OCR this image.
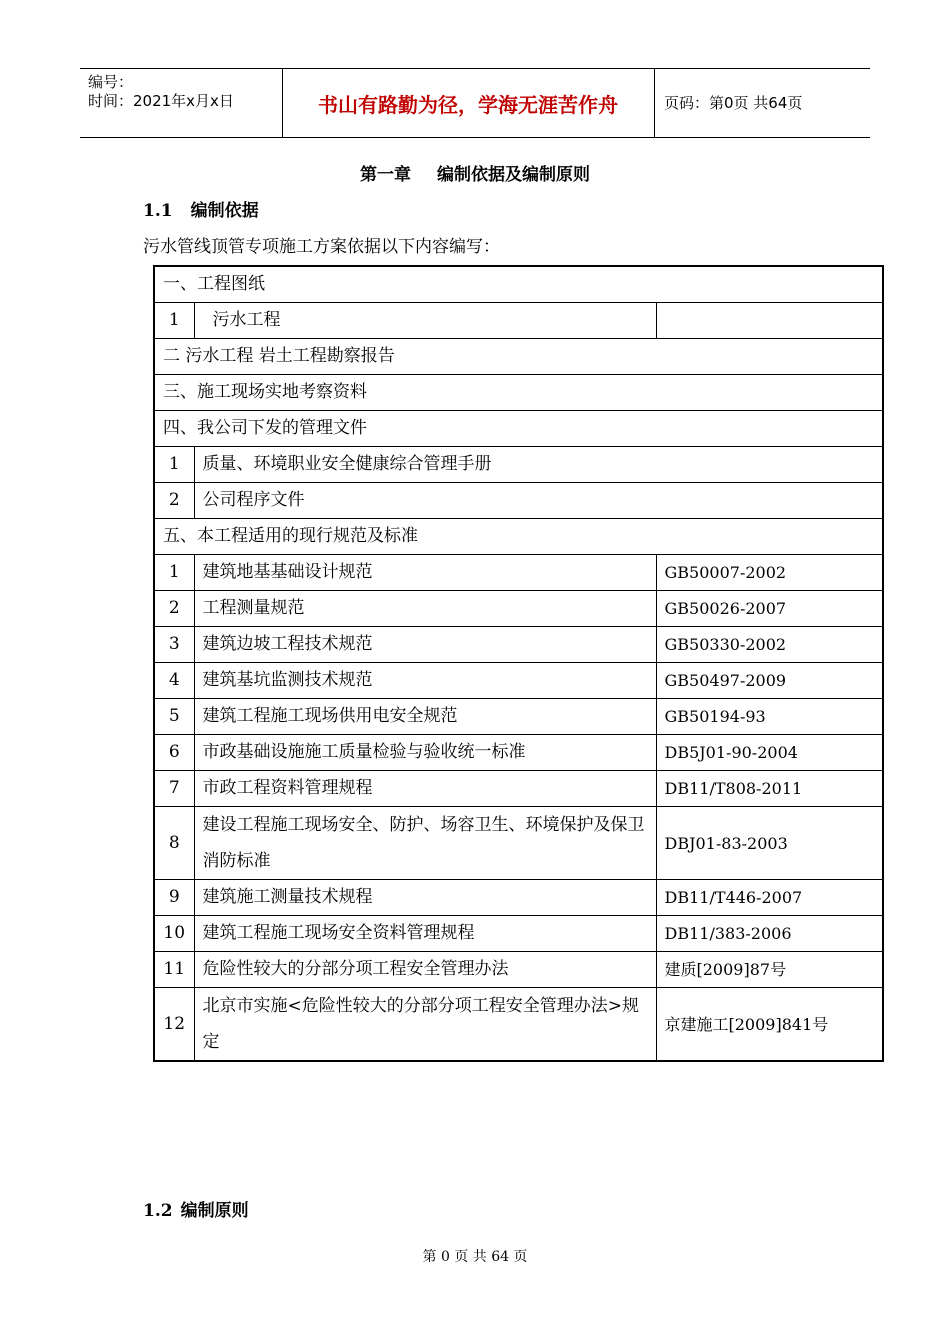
编号：
时间：2021年x月x日	书山有路勤为径，学海无涯苦作舟	页码：第0页 共64页
第一章 编制依据及编制原则
1.1 编制依据
污水管线顶管专项施工方案依据以下内容编写：
一、工程图纸		
1	污水工程	
二 污水工程 岩土工程勘察报告		
三、施工现场实地考察资料		
四、我公司下发的管理文件		
1	质量、环境职业安全健康综合管理手册	
2	公司程序文件	
五、本工程适用的现行规范及标准		
1	建筑地基基础设计规范	GB50007-2002
2	工程测量规范	GB50026-2007
3	建筑边坡工程技术规范	GB50330-2002
4	建筑基坑监测技术规范	GB50497-2009
5	建筑工程施工现场供用电安全规范	GB50194-93
6	市政基础设施施工质量检验与验收统一标准	DB5J01-90-2004
7	市政工程资料管理规程	DB11/T808-2011
8	建设工程施工现场安全、防护、场容卫生、环境保护及保卫消防标准	DBJ01-83-2003
9	建筑施工测量技术规程	DB11/T446-2007
10	建筑工程施工现场安全资料管理规程	DB11/383-2006
11	危险性较大的分部分项工程安全管理办法	建质[2009]87号
12	北京市实施<危险性较大的分部分项工程安全管理办法>规定	京建施工[2009]841号
1.2 编制原则
第 0 页 共 64 页
